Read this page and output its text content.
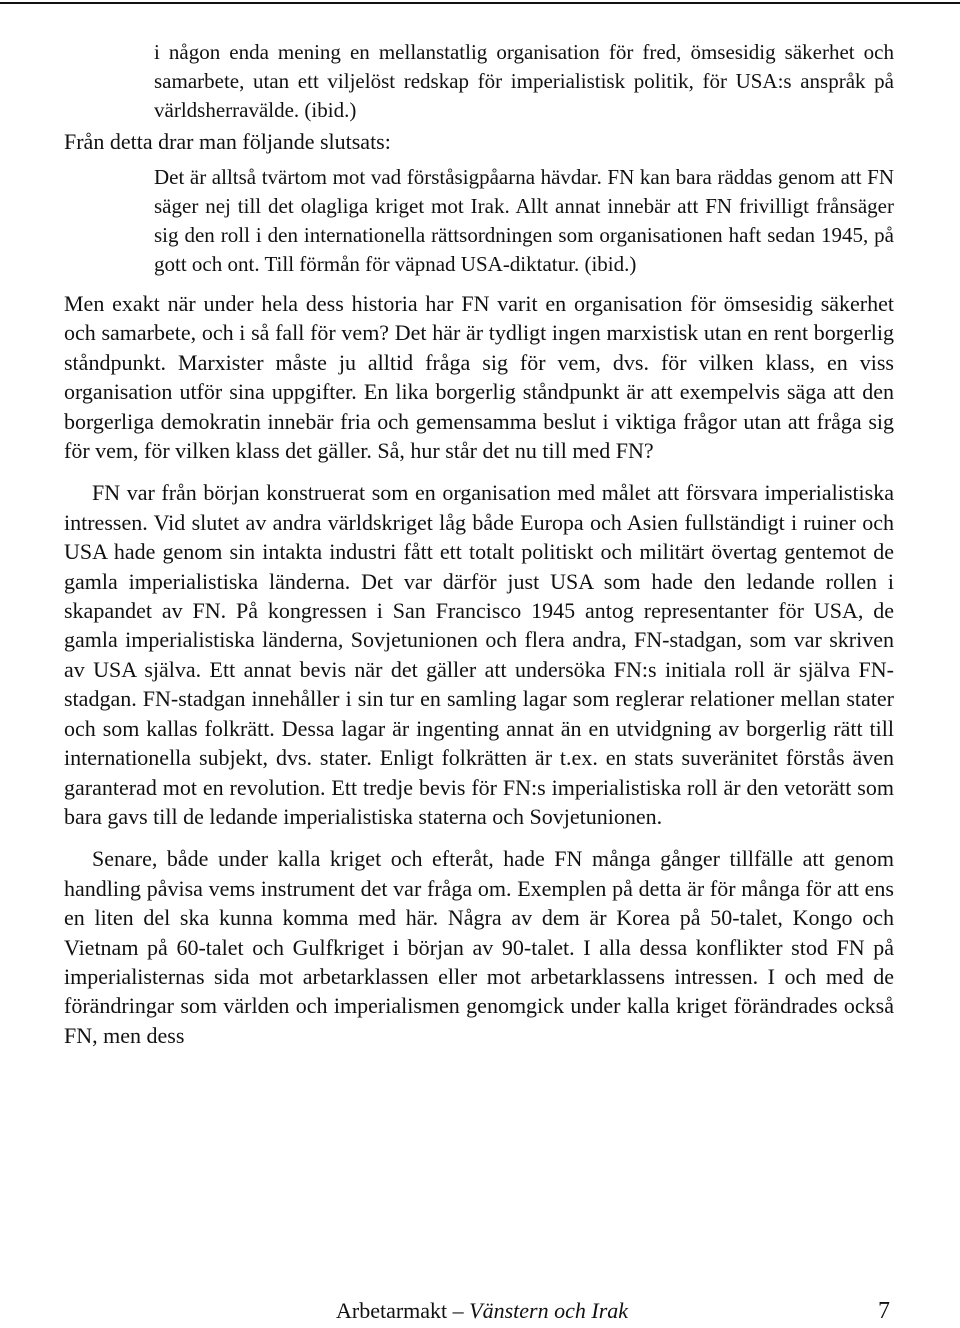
i någon enda mening en mellanstatlig organisation för fred, ömsesidig säkerhet och samarbete, utan ett viljelöst redskap för imperialistisk politik, för USA:s anspråk på världsherravälde. (ibid.)

Från detta drar man följande slutsats:

Det är alltså tvärtom mot vad förståsigpåarna hävdar. FN kan bara räddas genom att FN säger nej till det olagliga kriget mot Irak. Allt annat innebär att FN frivilligt frånsäger sig den roll i den internationella rättsordningen som organisationen haft sedan 1945, på gott och ont. Till förmån för väpnad USA-diktatur. (ibid.)

Men exakt när under hela dess historia har FN varit en organisation för ömsesidig säkerhet och samarbete, och i så fall för vem? Det här är tydligt ingen marxistisk utan en rent borgerlig ståndpunkt. Marxister måste ju alltid fråga sig för vem, dvs. för vilken klass, en viss organisation utför sina uppgifter. En lika borgerlig ståndpunkt är att exempelvis säga att den borgerliga demokratin innebär fria och gemensamma beslut i viktiga frågor utan att fråga sig för vem, för vilken klass det gäller. Så, hur står det nu till med FN?

FN var från början konstruerat som en organisation med målet att försvara imperialistiska intressen. Vid slutet av andra världskriget låg både Europa och Asien fullständigt i ruiner och USA hade genom sin intakta industri fått ett totalt politiskt och militärt övertag gentemot de gamla imperialistiska länderna. Det var därför just USA som hade den ledande rollen i skapandet av FN. På kongressen i San Francisco 1945 antog representanter för USA, de gamla imperialistiska länderna, Sovjetunionen och flera andra, FN-stadgan, som var skriven av USA själva. Ett annat bevis när det gäller att undersöka FN:s initiala roll är själva FN-stadgan. FN-stadgan innehåller i sin tur en samling lagar som reglerar relationer mellan stater och som kallas folkrätt. Dessa lagar är ingenting annat än en utvidgning av borgerlig rätt till internationella subjekt, dvs. stater. Enligt folkrätten är t.ex. en stats suveränitet förstås även garanterad mot en revolution. Ett tredje bevis för FN:s imperialistiska roll är den vetorätt som bara gavs till de ledande imperialistiska staterna och Sovjetunionen.

Senare, både under kalla kriget och efteråt, hade FN många gånger tillfälle att genom handling påvisa vems instrument det var fråga om. Exemplen på detta är för många för att ens en liten del ska kunna komma med här. Några av dem är Korea på 50-talet, Kongo och Vietnam på 60-talet och Gulfkriget i början av 90-talet. I alla dessa konflikter stod FN på imperialisternas sida mot arbetarklassen eller mot arbetarklassens intressen. I och med de förändringar som världen och imperialismen genomgick under kalla kriget förändrades också FN, men dess

Arbetarmakt – Vänstern och Irak	7
